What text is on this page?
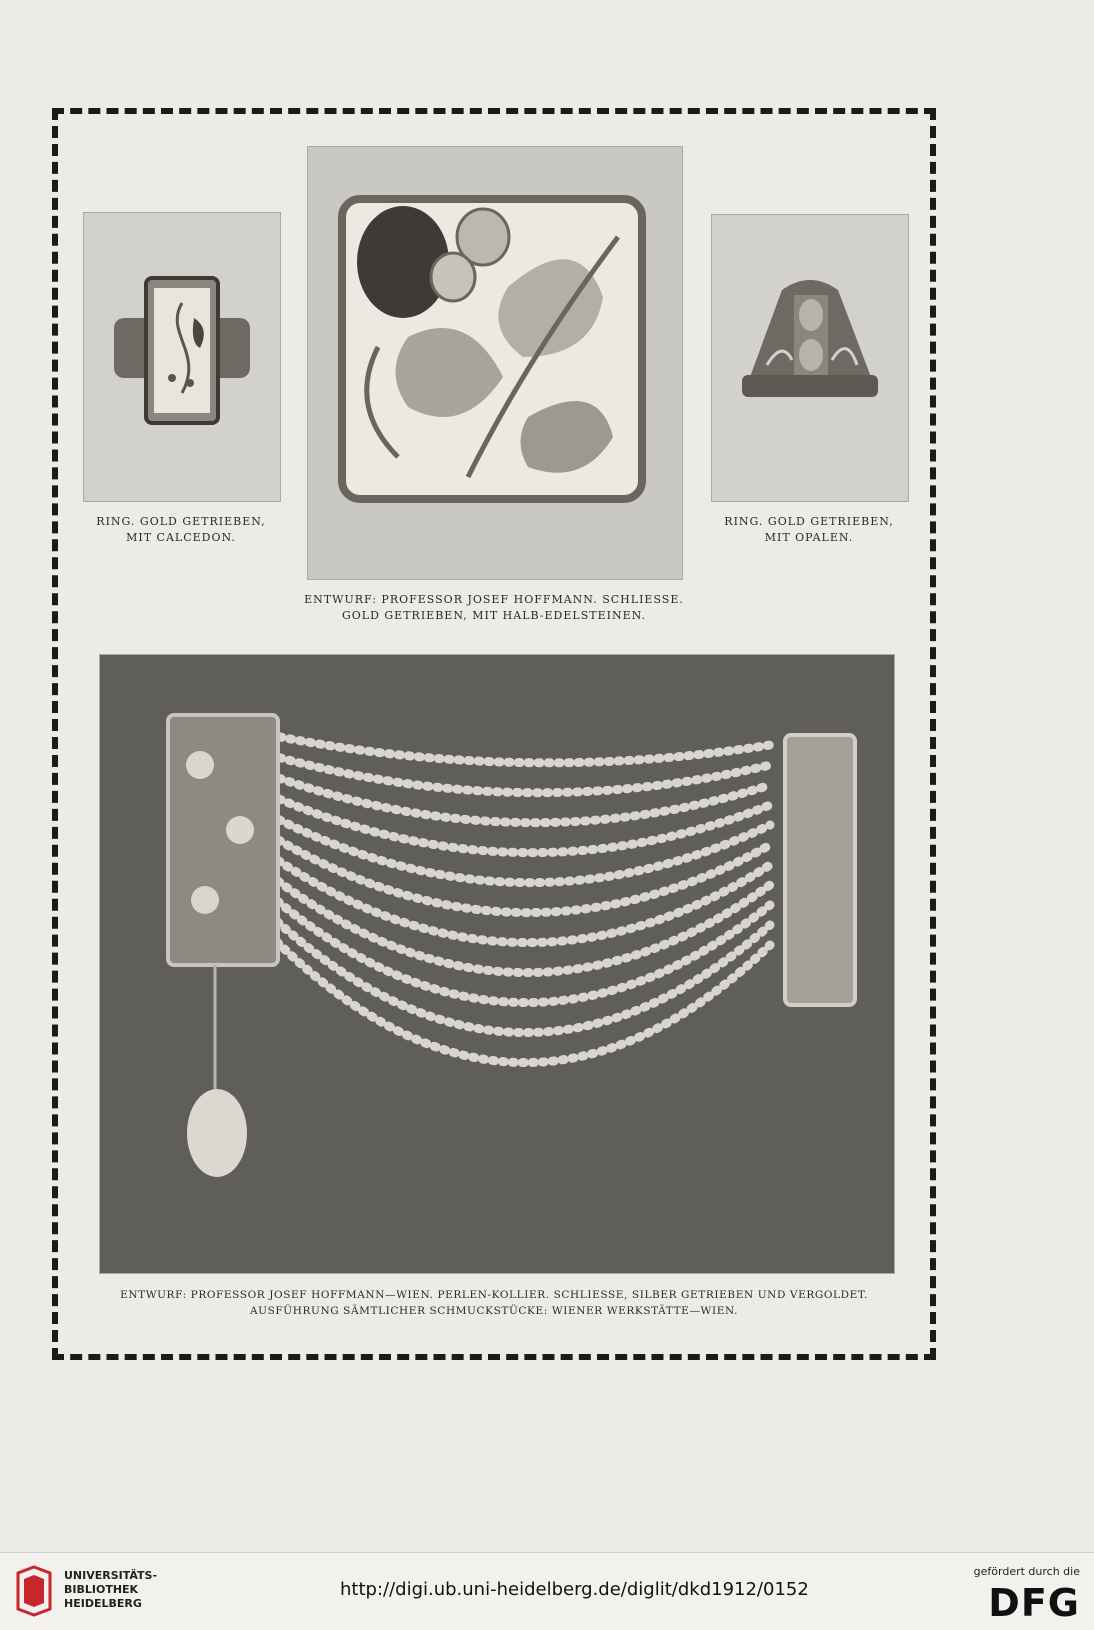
RING. GOLD GETRIEBEN,
MIT CALCEDON.
RING. GOLD GETRIEBEN,
MIT OPALEN.
ENTWURF: PROFESSOR JOSEF HOFFMANN. SCHLIESSE.
GOLD GETRIEBEN, MIT HALB-EDELSTEINEN.
ENTWURF: PROFESSOR JOSEF HOFFMANN—WIEN. PERLEN-KOLLIER. SCHLIESSE, SILBER GETRIEBEN UND VERGOLDET.
AUSFÜHRUNG SÄMTLICHER SCHMUCKSTÜCKE: WIENER WERKSTÄTTE—WIEN.
UNIVERSITÄTS-
BIBLIOTHEK
HEIDELBERG
http://digi.ub.uni-heidelberg.de/diglit/dkd1912/0152
gefördert durch die
DFG
